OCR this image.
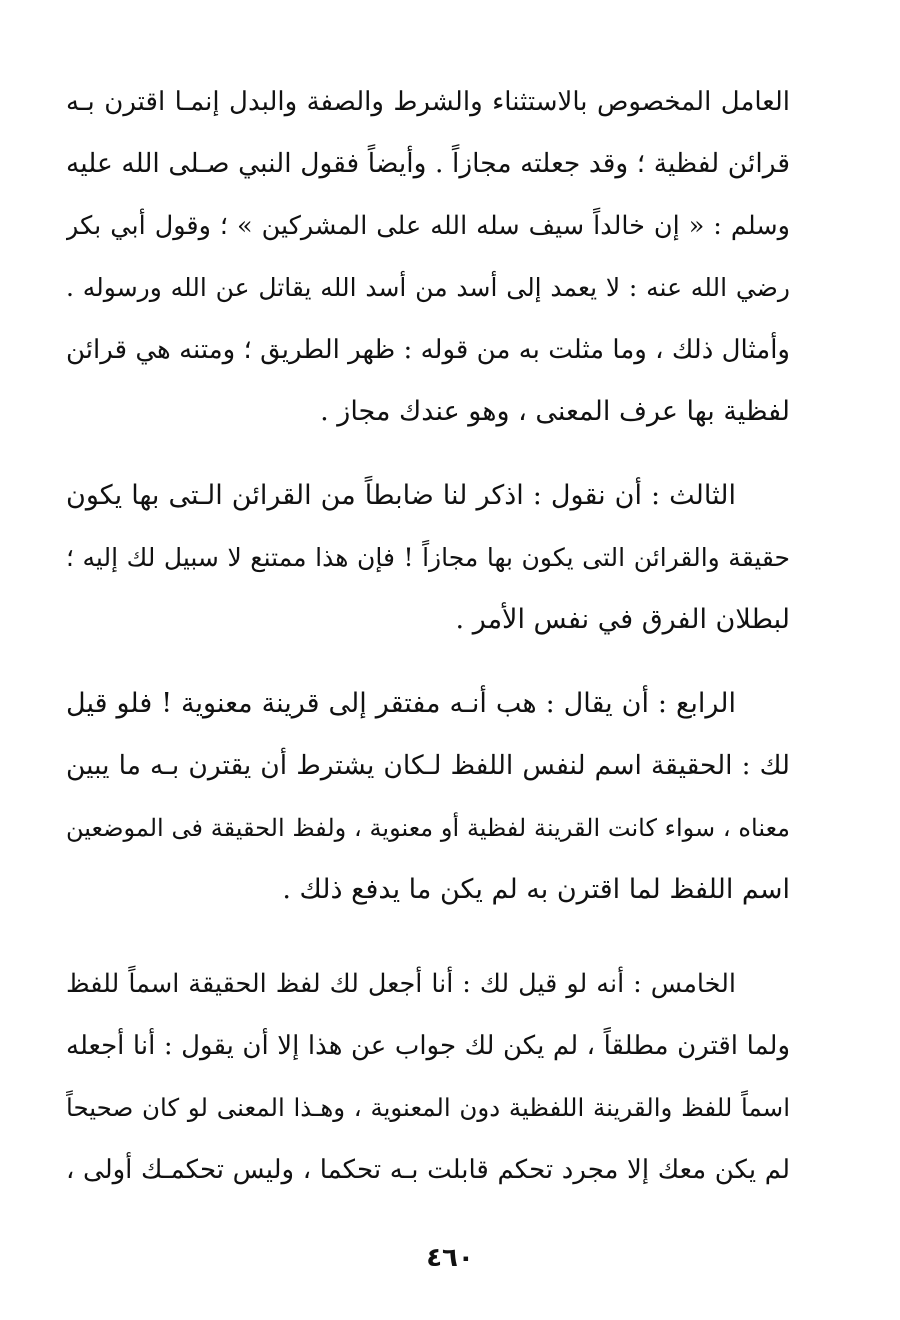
العامل المخصوص بالاستثناء والشرط والصفة والبدل إنمـا اقترن بـه
قرائن لفظية ؛ وقد جعلته مجازاً . وأيضاً فقول النبي صـلى الله عليه
وسلم : « إن خالداً سيف سله الله على المشركين » ؛ وقول أبي بكر
رضي الله عنه : لا يعمد إلى أسد من أسد الله يقاتل عن الله ورسوله .
وأمثال ذلك ، وما مثلت به من قوله : ظهر الطريق ؛ ومتنه هي قرائن
لفظية بها عرف المعنى ، وهو عندك مجاز .
الثالث : أن نقول : اذكر لنا ضابطاً من القرائن الـتى بها يكون
حقيقة والقرائن التى يكون بها مجازاً ! فإن هذا ممتنع لا سبيل لك إليه ؛
لبطلان الفرق في نفس الأمر .
الرابع : أن يقال : هب أنـه مفتقر إلى قرينة معنوية ! فلو قيل
لك : الحقيقة اسم لنفس اللفظ لـكان يشترط أن يقترن بـه ما يبين
معناه ، سواء كانت القرينة لفظية أو معنوية ، ولفظ الحقيقة فى الموضعين
اسم اللفظ لما اقترن به لم يكن ما يدفع ذلك .
الخامس : أنه لو قيل لك : أنا أجعل لك لفظ الحقيقة اسماً للفظ
ولما اقترن مطلقاً ، لم يكن لك جواب عن هذا إلا أن يقول : أنا أجعله
اسماً للفظ والقرينة اللفظية دون المعنوية ، وهـذا المعنى لو كان صحيحاً
لم يكن معك إلا مجرد تحكم قابلت بـه تحكما ، وليس تحكمـك أولى ،
٤٦٠
